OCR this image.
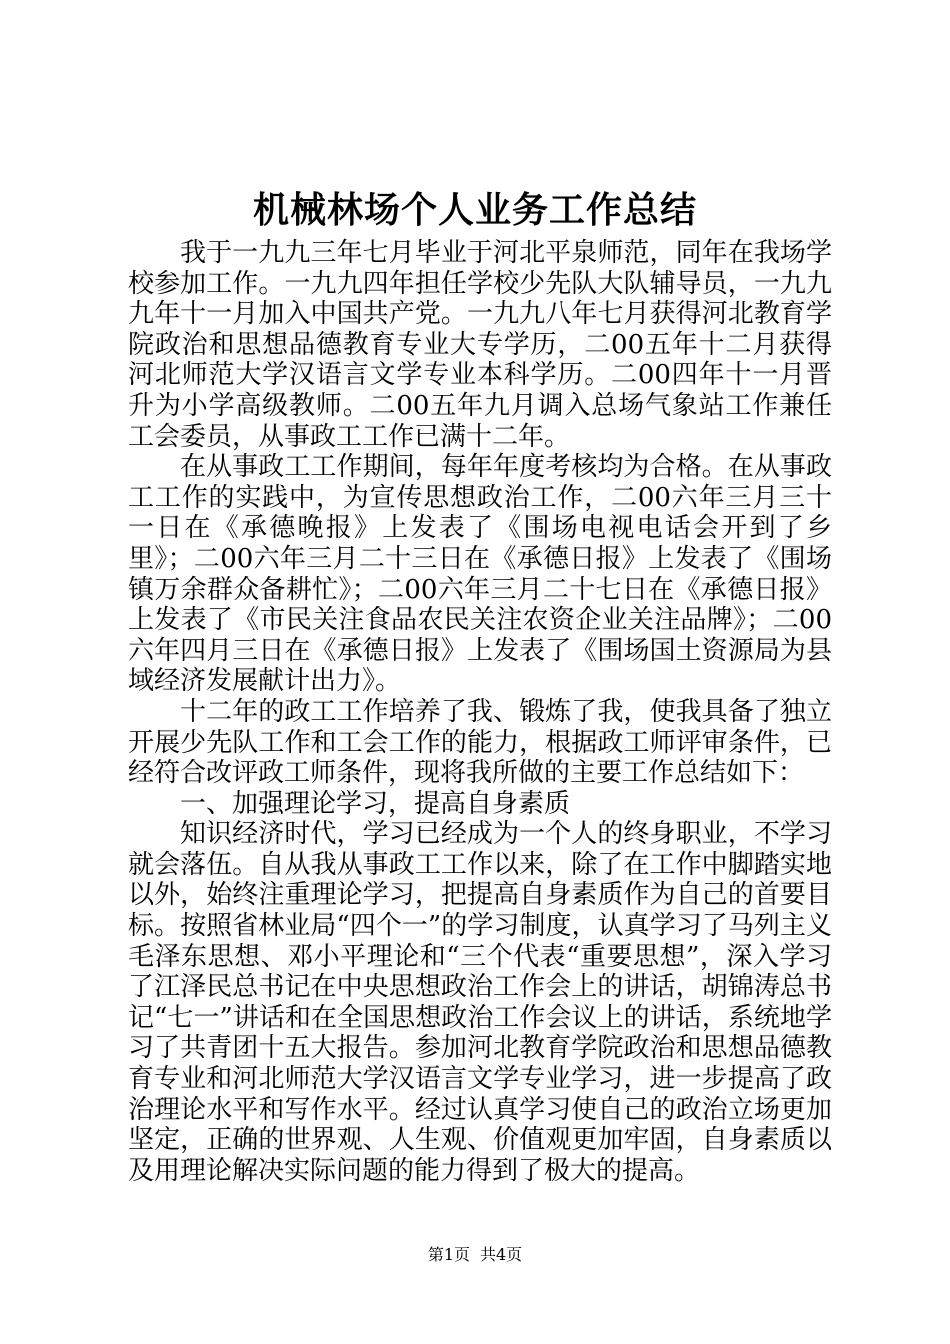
机械林场个人业务工作总结

我于一九九三年七月毕业于河北平泉师范，同年在我场学校参加工作。一九九四年担任学校少先队大队辅导员，一九九九年十一月加入中国共产党。一九九八年七月获得河北教育学院政治和思想品德教育专业大专学历，二00五年十二月获得河北师范大学汉语言文学专业本科学历。二00四年十一月晋升为小学高级教师。二00五年九月调入总场气象站工作兼任工会委员，从事政工工作已满十二年。

在从事政工工作期间，每年年度考核均为合格。在从事政工工作的实践中，为宣传思想政治工作，二00六年三月三十一日在《承德晚报》上发表了《围场电视电话会开到了乡里》；二00六年三月二十三日在《承德日报》上发表了《围场镇万余群众备耕忙》；二00六年三月二十七日在《承德日报》上发表了《市民关注食品农民关注农资企业关注品牌》；二00六年四月三日在《承德日报》上发表了《围场国土资源局为县域经济发展献计出力》。

十二年的政工工作培养了我、锻炼了我，使我具备了独立开展少先队工作和工会工作的能力，根据政工师评审条件，已经符合改评政工师条件，现将我所做的主要工作总结如下：

一、加强理论学习，提高自身素质

知识经济时代，学习已经成为一个人的终身职业，不学习就会落伍。自从我从事政工工作以来，除了在工作中脚踏实地以外，始终注重理论学习，把提高自身素质作为自己的首要目标。按照省林业局“四个一”的学习制度，认真学习了马列主义毛泽东思想、邓小平理论和“三个代表“重要思想”，深入学习了江泽民总书记在中央思想政治工作会上的讲话，胡锦涛总书记“七一”讲话和在全国思想政治工作会议上的讲话，系统地学习了共青团十五大报告。参加河北教育学院政治和思想品德教育专业和河北师范大学汉语言文学专业学习，进一步提高了政治理论水平和写作水平。经过认真学习使自己的政治立场更加坚定，正确的世界观、人生观、价值观更加牢固，自身素质以及用理论解决实际问题的能力得到了极大的提高。

第1页 共4页
